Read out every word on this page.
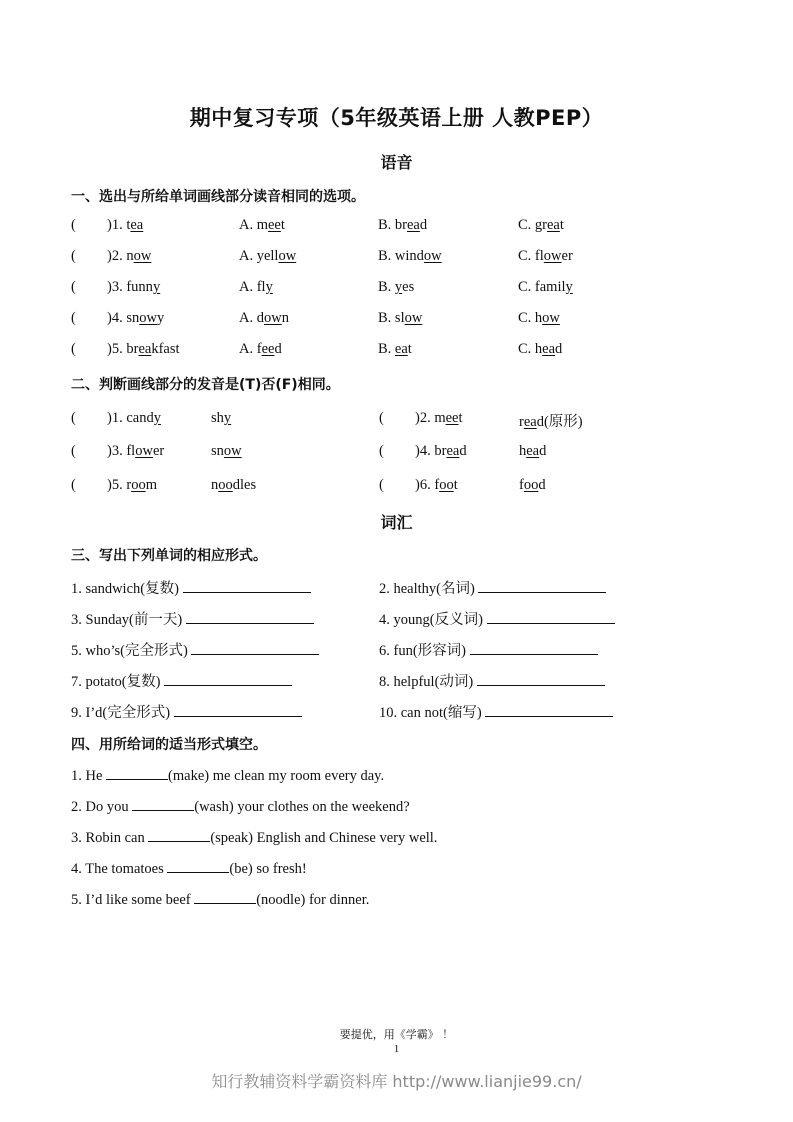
期中复习专项（5年级英语上册 人教PEP）
语音
一、选出与所给单词画线部分读音相同的选项。
( )1. tea	A. meet	B. bread	C. great
( )2. now	A. yellow	B. window	C. flower
( )3. funny	A. fly	B. yes	C. family
( )4. snowy	A. down	B. slow	C. how
( )5. breakfast	A. feed	B. eat	C. head
二、判断画线部分的发音是(T)否(F)相同。
( )1. candy	shy	( )2. meet	read(原形)
( )3. flower	snow	( )4. bread	head
( )5. room	noodles	( )6. foot	food
词汇
三、写出下列单词的相应形式。
1. sandwich(复数)	2. healthy(名词)
3. Sunday(前一天)	4. young(反义词)
5. who’s(完全形式)	6. fun(形容词)
7. potato(复数)	8. helpful(动词)
9. I’d(完全形式)	10. can not(缩写)
四、用所给词的适当形式填空。
1. He	(make) me clean my room every day.
2. Do you	(wash) your clothes on the weekend?
3. Robin can	(speak) English and Chinese very well.
4. The tomatoes	(be) so fresh!
5. I’d like some beef	(noodle) for dinner.
要提优，用《学霸》 ！
1
知行教辅资料学霸资料库 http://www.lianjie99.cn/
